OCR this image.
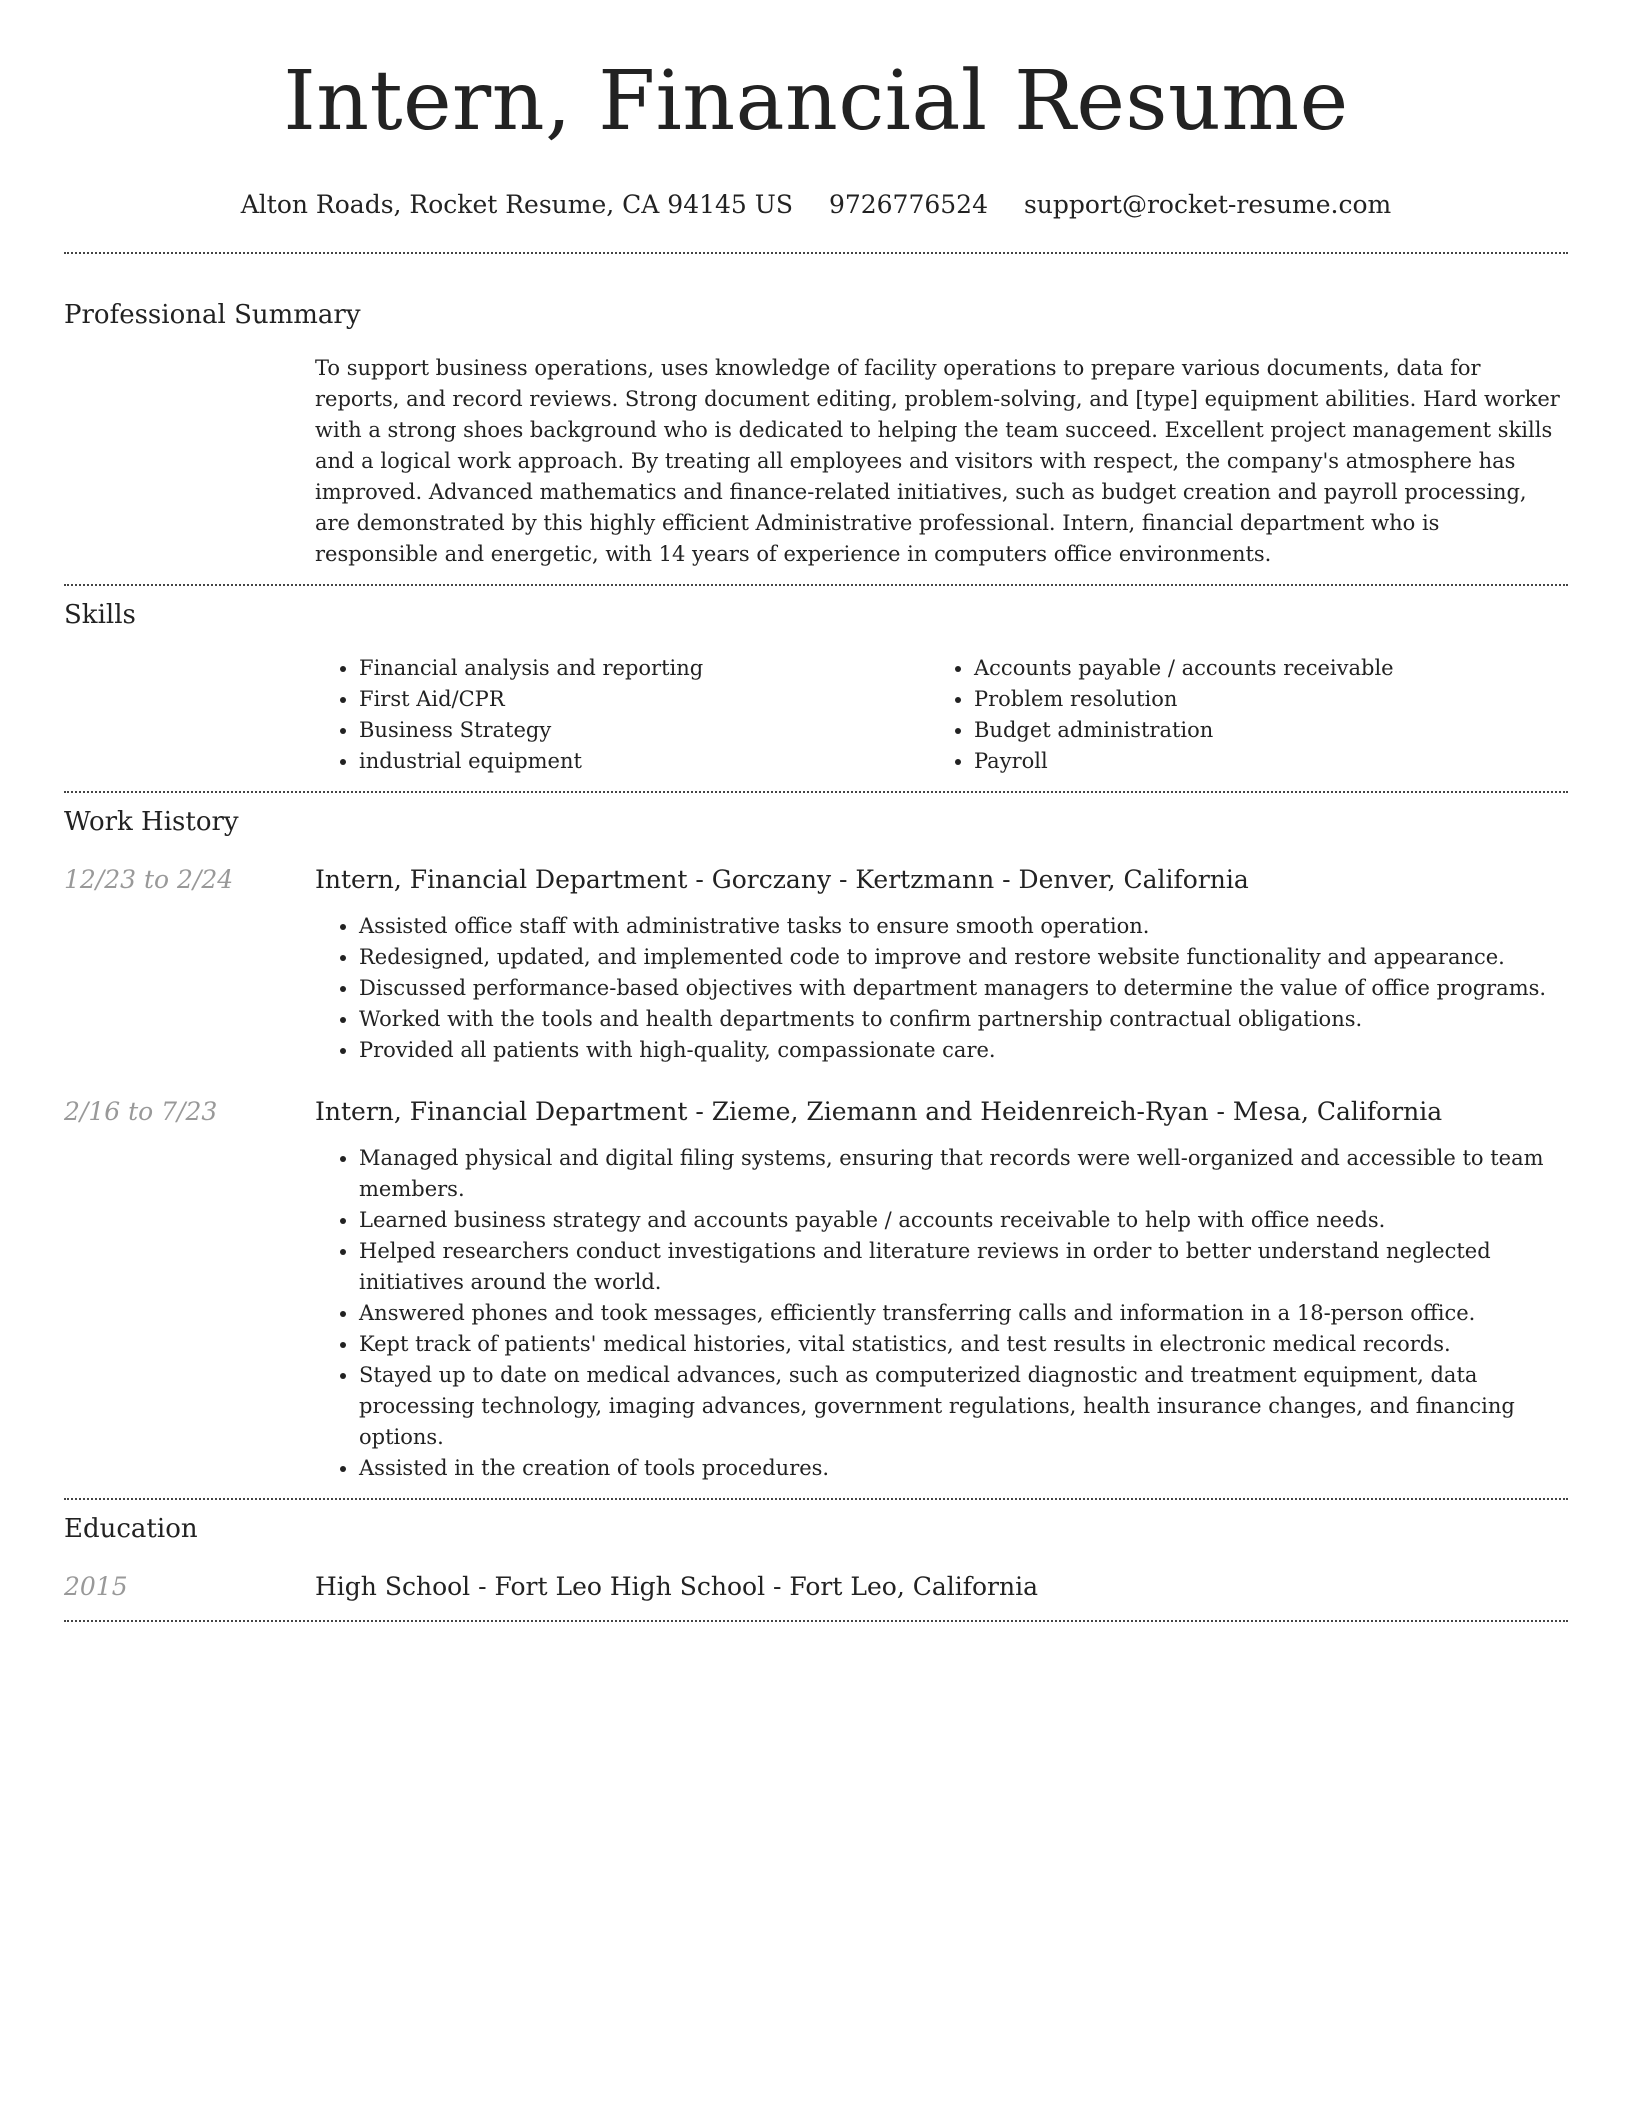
Intern, Financial Resume
Alton Roads, Rocket Resume, CA 94145 US 9726776524 support@rocket-resume.com
Professional Summary
To support business operations, uses knowledge of facility operations to prepare various documents, data for reports, and record reviews. Strong document editing, problem-solving, and [type] equipment abilities. Hard worker with a strong shoes background who is dedicated to helping the team succeed. Excellent project management skills and a logical work approach. By treating all employees and visitors with respect, the company's atmosphere has improved. Advanced mathematics and finance-related initiatives, such as budget creation and payroll processing, are demonstrated by this highly efficient Administrative professional. Intern, financial department who is responsible and energetic, with 14 years of experience in computers office environments.
Skills
• Financial analysis and reporting
• First Aid/CPR
• Business Strategy
• industrial equipment
• Accounts payable / accounts receivable
• Problem resolution
• Budget administration
• Payroll
Work History
12/23 to 2/24	Intern, Financial Department - Gorczany - Kertzmann - Denver, California
• Assisted office staff with administrative tasks to ensure smooth operation.
• Redesigned, updated, and implemented code to improve and restore website functionality and appearance.
• Discussed performance-based objectives with department managers to determine the value of office programs.
• Worked with the tools and health departments to confirm partnership contractual obligations.
• Provided all patients with high-quality, compassionate care.
2/16 to 7/23	Intern, Financial Department - Zieme, Ziemann and Heidenreich-Ryan - Mesa, California
• Managed physical and digital filing systems, ensuring that records were well-organized and accessible to team members.
• Learned business strategy and accounts payable / accounts receivable to help with office needs.
• Helped researchers conduct investigations and literature reviews in order to better understand neglected initiatives around the world.
• Answered phones and took messages, efficiently transferring calls and information in a 18-person office.
• Kept track of patients' medical histories, vital statistics, and test results in electronic medical records.
• Stayed up to date on medical advances, such as computerized diagnostic and treatment equipment, data processing technology, imaging advances, government regulations, health insurance changes, and financing options.
• Assisted in the creation of tools procedures.
Education
2015	High School - Fort Leo High School - Fort Leo, California
